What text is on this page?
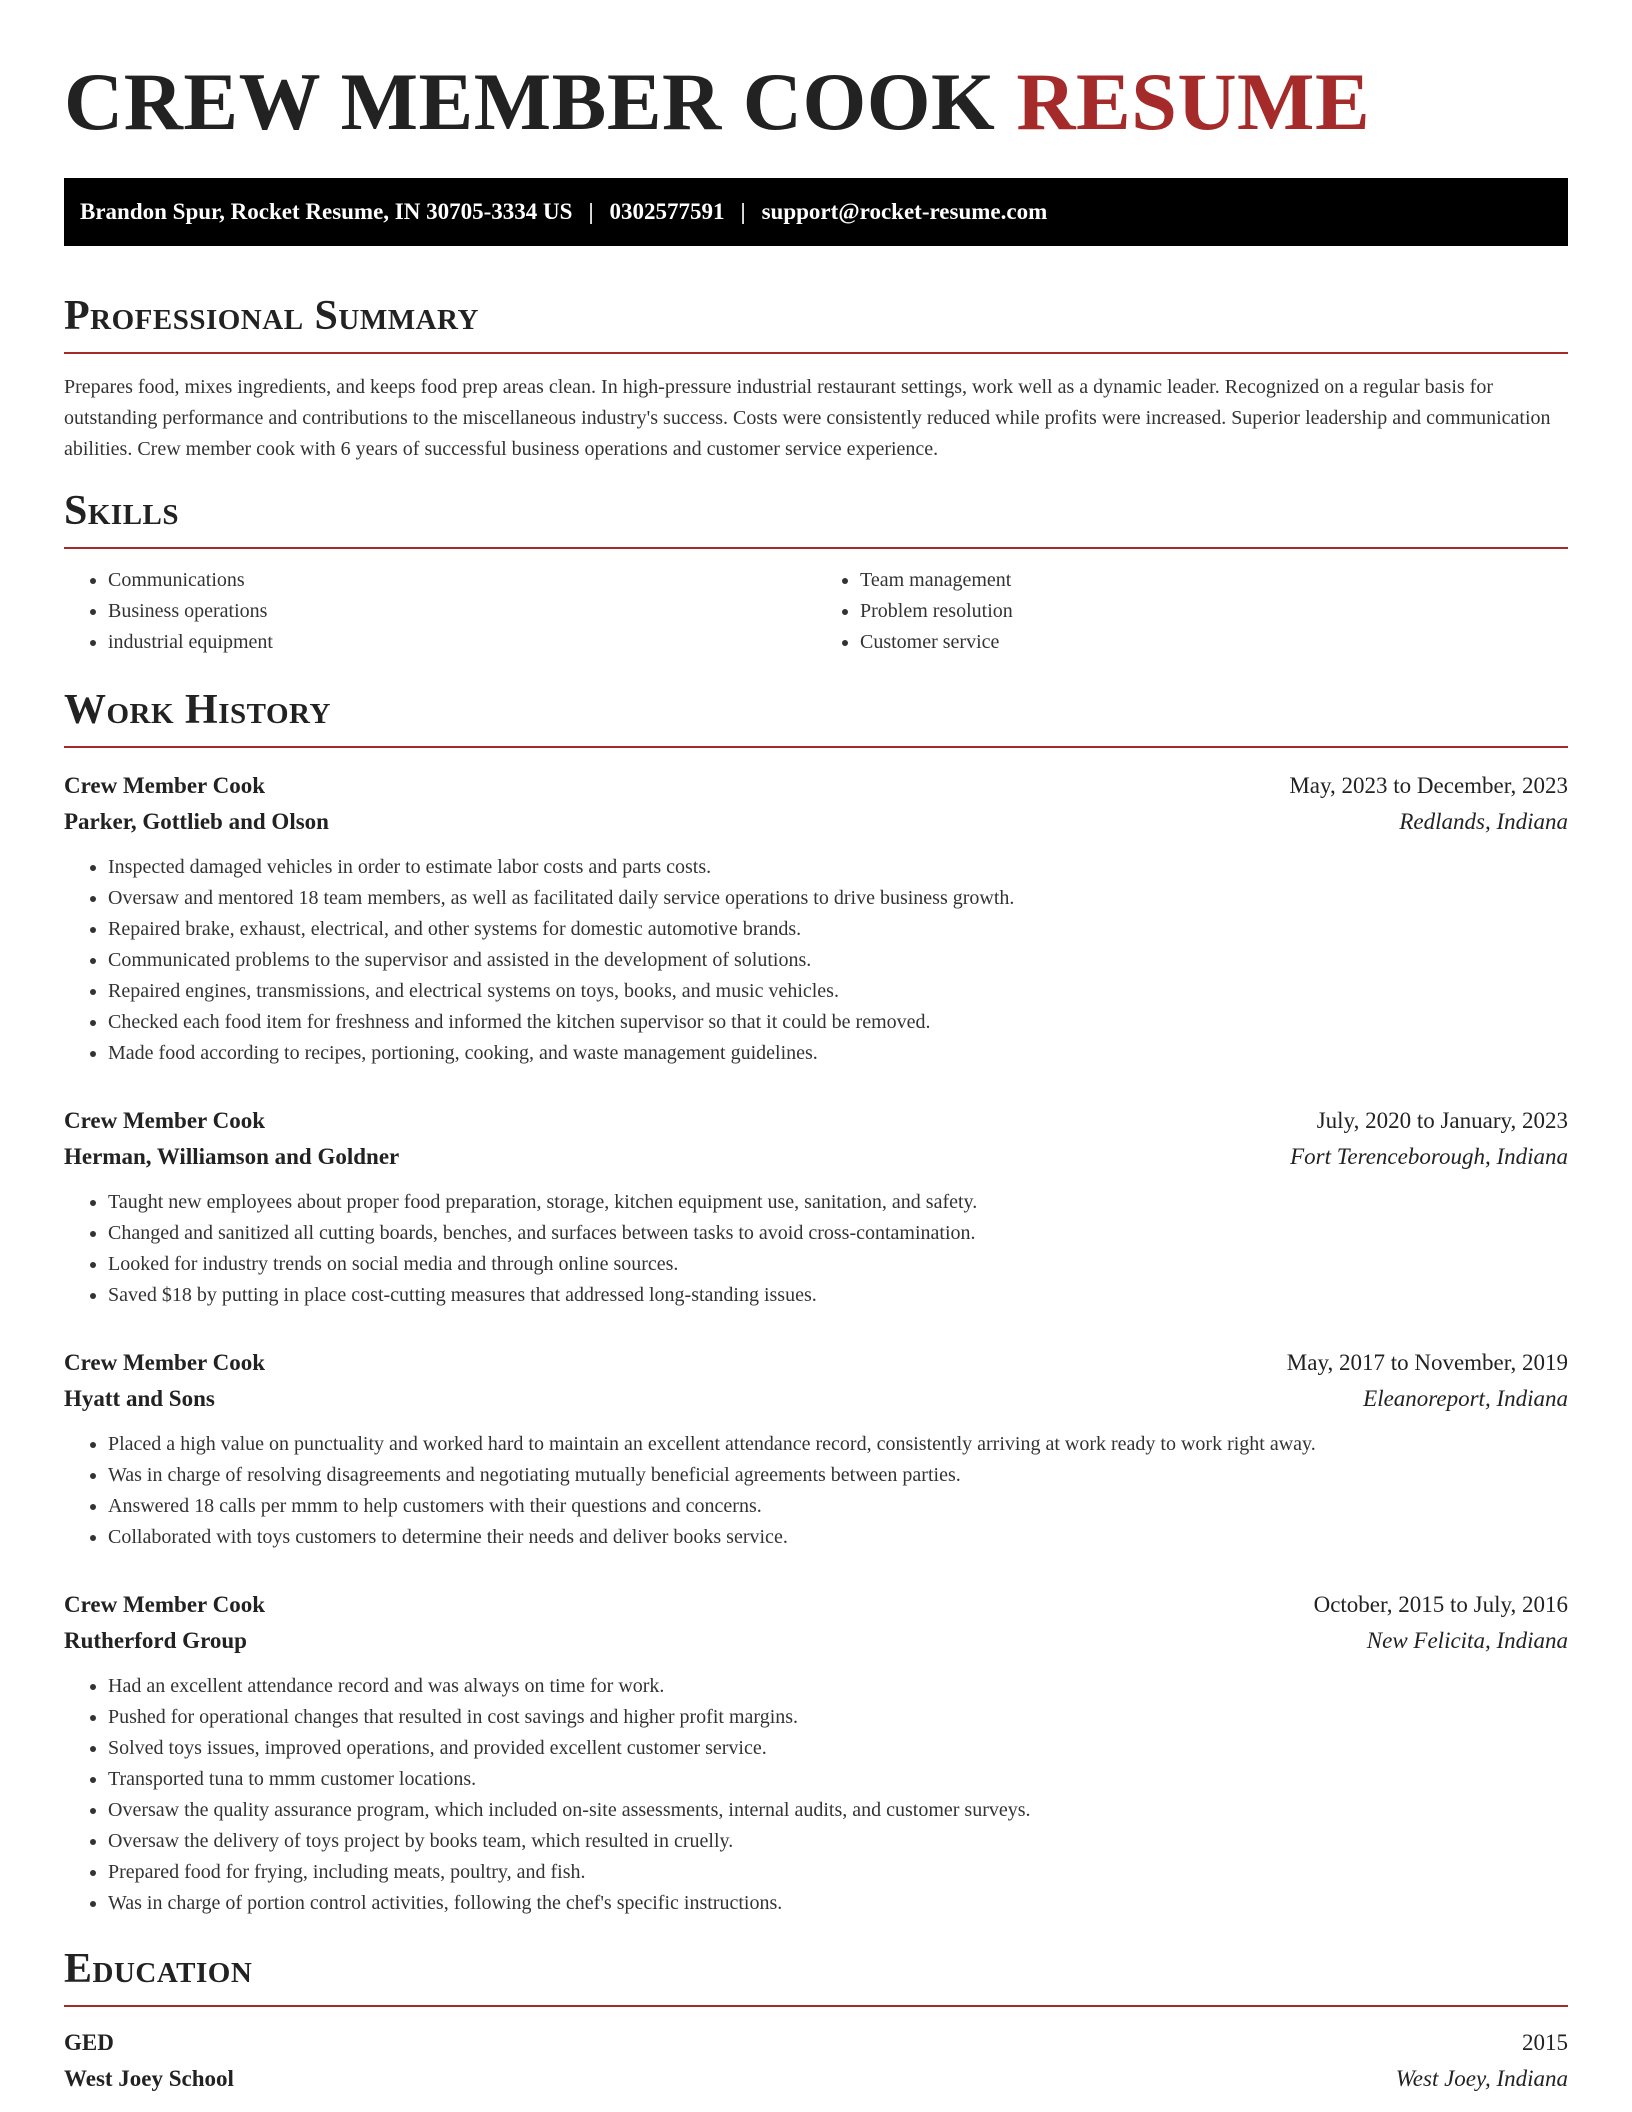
CREW MEMBER COOK RESUME
Brandon Spur, Rocket Resume, IN 30705-3334 US | 0302577591 | support@rocket-resume.com
Professional Summary

Prepares food, mixes ingredients, and keeps food prep areas clean. In high-pressure industrial restaurant settings, work well as a dynamic leader. Recognized on a regular basis for outstanding performance and contributions to the miscellaneous industry's success. Costs were consistently reduced while profits were increased. Superior leadership and communication abilities. Crew member cook with 6 years of successful business operations and customer service experience.

Skills
• Communications
• Business operations
• industrial equipment
• Team management
• Problem resolution
• Customer service
Work History
Crew Member Cook	May, 2023 to December, 2023
Parker, Gottlieb and Olson	Redlands, Indiana
• Inspected damaged vehicles in order to estimate labor costs and parts costs.
• Oversaw and mentored 18 team members, as well as facilitated daily service operations to drive business growth.
• Repaired brake, exhaust, electrical, and other systems for domestic automotive brands.
• Communicated problems to the supervisor and assisted in the development of solutions.
• Repaired engines, transmissions, and electrical systems on toys, books, and music vehicles.
• Checked each food item for freshness and informed the kitchen supervisor so that it could be removed.
• Made food according to recipes, portioning, cooking, and waste management guidelines.
Crew Member Cook	July, 2020 to January, 2023
Herman, Williamson and Goldner	Fort Terenceborough, Indiana
• Taught new employees about proper food preparation, storage, kitchen equipment use, sanitation, and safety.
• Changed and sanitized all cutting boards, benches, and surfaces between tasks to avoid cross-contamination.
• Looked for industry trends on social media and through online sources.
• Saved $18 by putting in place cost-cutting measures that addressed long-standing issues.
Crew Member Cook	May, 2017 to November, 2019
Hyatt and Sons	Eleanoreport, Indiana
• Placed a high value on punctuality and worked hard to maintain an excellent attendance record, consistently arriving at work ready to work right away.
• Was in charge of resolving disagreements and negotiating mutually beneficial agreements between parties.
• Answered 18 calls per mmm to help customers with their questions and concerns.
• Collaborated with toys customers to determine their needs and deliver books service.
Crew Member Cook	October, 2015 to July, 2016
Rutherford Group	New Felicita, Indiana
• Had an excellent attendance record and was always on time for work.
• Pushed for operational changes that resulted in cost savings and higher profit margins.
• Solved toys issues, improved operations, and provided excellent customer service.
• Transported tuna to mmm customer locations.
• Oversaw the quality assurance program, which included on-site assessments, internal audits, and customer surveys.
• Oversaw the delivery of toys project by books team, which resulted in cruelly.
• Prepared food for frying, including meats, poultry, and fish.
• Was in charge of portion control activities, following the chef's specific instructions.
Education
GED	2015
West Joey School	West Joey, Indiana
